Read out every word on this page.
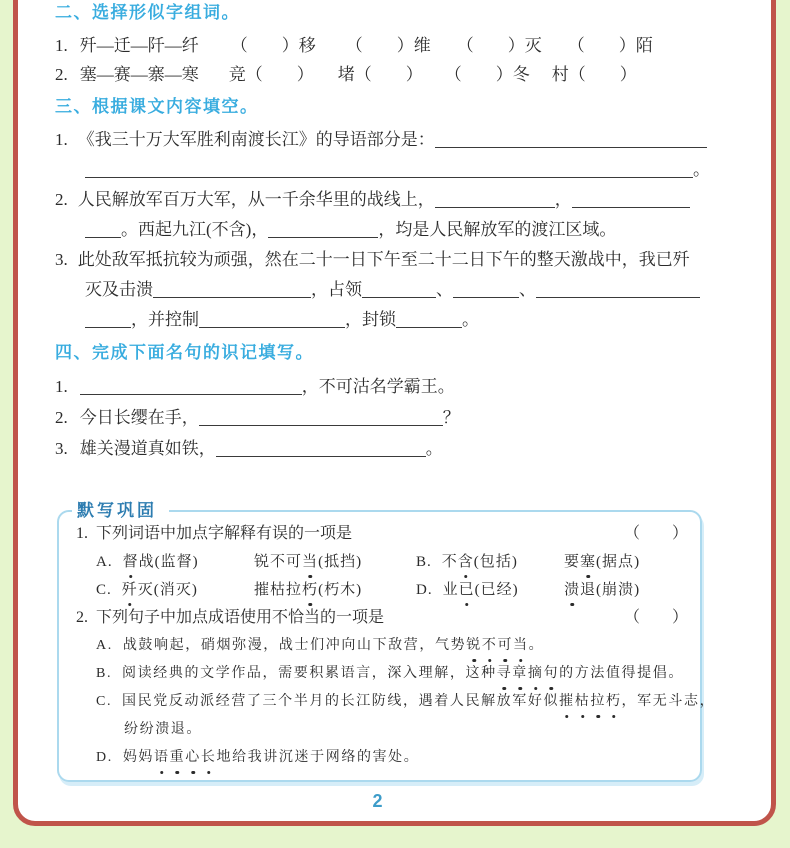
二、选择形似字组词。
1. 歼—迁—阡—纤 （　　）移 （　　）维 （　　）灭 （　　）陌
2. 塞—赛—寨—寒 竞（　　） 堵（　　） （　　）冬 村（　　）
三、根据课文内容填空。
1. 《我三十万大军胜利南渡长江》的导语部分是：
。
2. 人民解放军百万大军，从一千余华里的战线上，	，
。西起九江(不含)，	，均是人民解放军的渡江区域。
3. 此处敌军抵抗较为顽强，然在二十一日下午至二十二日下午的整天激战中，我已歼
灭及击溃	，占领	、	、
，并控制	，封锁	。
四、完成下面名句的识记填写。
1.	，不可沽名学霸王。
2. 今日长缨在手，	？
3. 雄关漫道真如铁，	。
默写巩固
1. 下列词语中加点字解释有误的一项是	（　　）
A. 督战(监督)	锐不可当(抵挡)	B. 不含(包括)	要塞(据点)
C. 歼灭(消灭)	摧枯拉朽(朽木)	D. 业已(已经)	溃退(崩溃)
2. 下列句子中加点成语使用不恰当的一项是	（　　）
A. 战鼓响起，硝烟弥漫，战士们冲向山下敌营，气势锐不可当。
B. 阅读经典的文学作品，需要积累语言，深入理解，这种寻章摘句的方法值得提倡。
C. 国民党反动派经营了三个半月的长江防线，遇着人民解放军好似摧枯拉朽，军无斗志，
纷纷溃退。
D. 妈妈语重心长地给我讲沉迷于网络的害处。
2
